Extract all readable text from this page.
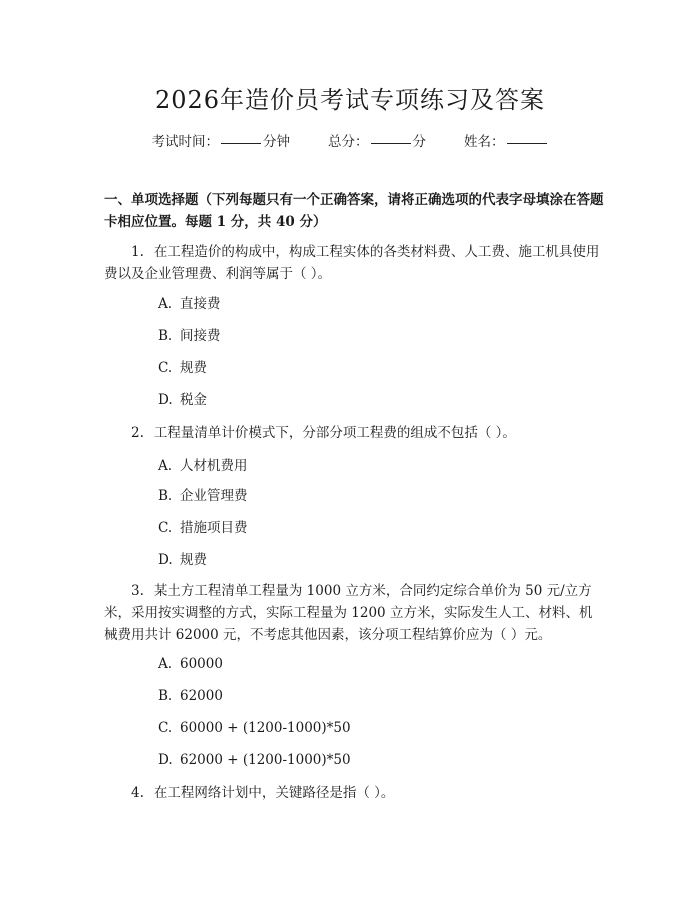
2026年造价员考试专项练习及答案
考试时间：	分钟	总分：	分	姓名：

一、单项选择题（下列每题只有一个正确答案，请将正确选项的代表字母填涂在答题卡相应位置。每题 1 分，共 40 分）

1. 在工程造价的构成中，构成工程实体的各类材料费、人工费、施工机具使用费以及企业管理费、利润等属于（ ）。

A. 直接费

B. 间接费

C. 规费

D. 税金

2. 工程量清单计价模式下，分部分项工程费的组成不包括（ ）。

A. 人材机费用

B. 企业管理费

C. 措施项目费

D. 规费

3. 某土方工程清单工程量为 1000 立方米，合同约定综合单价为 50 元/立方米，采用按实调整的方式，实际工程量为 1200 立方米，实际发生人工、材料、机械费用共计 62000 元，不考虑其他因素，该分项工程结算价应为（ ）元。

A. 60000

B. 62000

C. 60000 + (1200-1000)*50

D. 62000 + (1200-1000)*50

4. 在工程网络计划中，关键路径是指（ ）。
